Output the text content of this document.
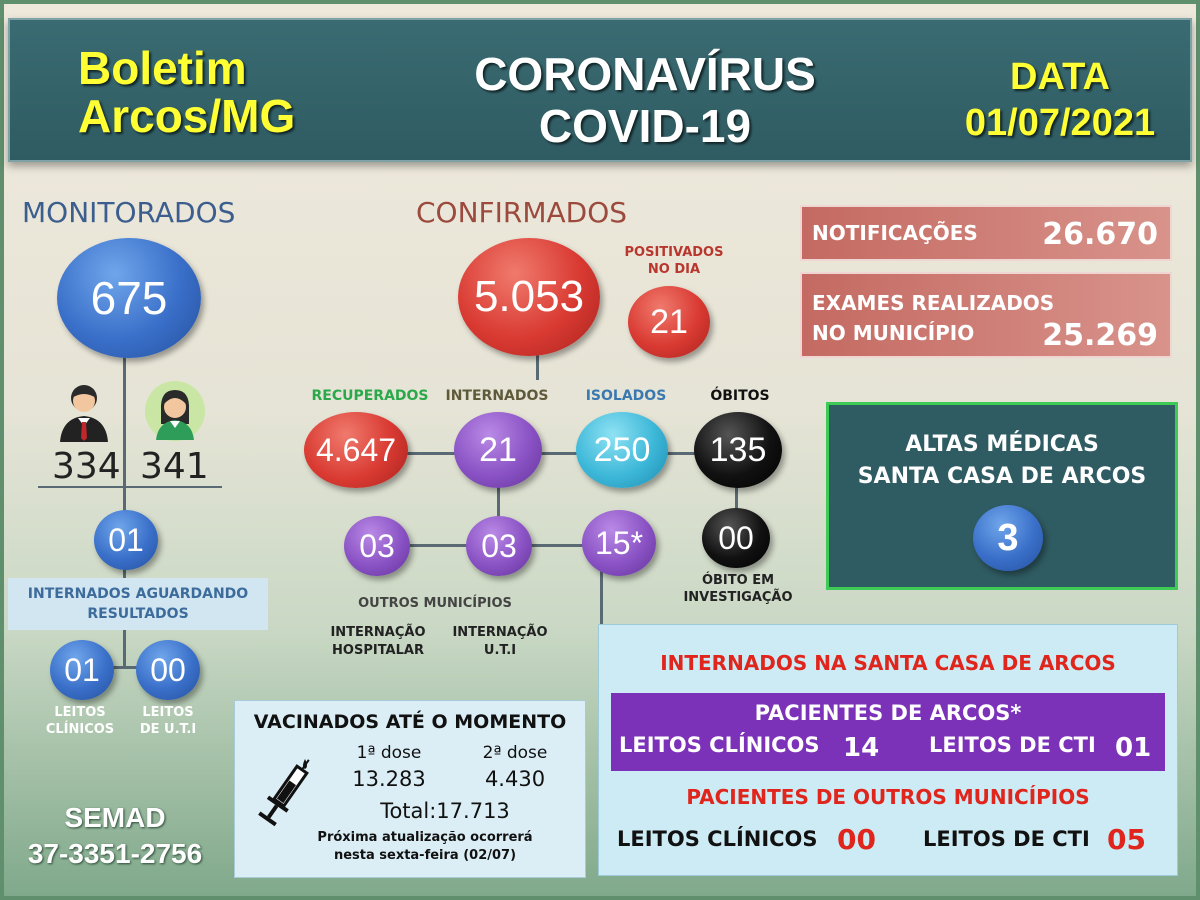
Boletim
Arcos/MG
CORONAVÍRUS
COVID-19
DATA
01/07/2021
MONITORADOS
675
334 341
01
INTERNADOS AGUARDANDO
RESULTADOS
01	00
LEITOS
CLÍNICOS
LEITOS
DE U.T.I
SEMAD
37-3351-2756
CONFIRMADOS
5.053
POSITIVADOS
NO DIA
21
RECUPERADOS	INTERNADOS	ISOLADOS	ÓBITOS
4.647	21	250	135
00
ÓBITO EM
INVESTIGAÇÃO
03	03	15*
OUTROS MUNICÍPIOS
INTERNAÇÃO
HOSPITALAR
INTERNAÇÃO
U.T.I
NOTIFICAÇÕES 26.670
EXAMES REALIZADOS
NO MUNICÍPIO	25.269
ALTAS MÉDICAS
SANTA CASA DE ARCOS
3
INTERNADOS NA SANTA CASA DE ARCOS
PACIENTES DE ARCOS*
LEITOS CLÍNICOS 14 LEITOS DE CTI 01
PACIENTES DE OUTROS MUNICÍPIOS
LEITOS CLÍNICOS 00 LEITOS DE CTI 05
VACINADOS ATÉ O MOMENTO
1ª dose	2ª dose
13.283	4.430
Total:17.713
Próxima atualização ocorrerá
nesta sexta-feira (02/07)
